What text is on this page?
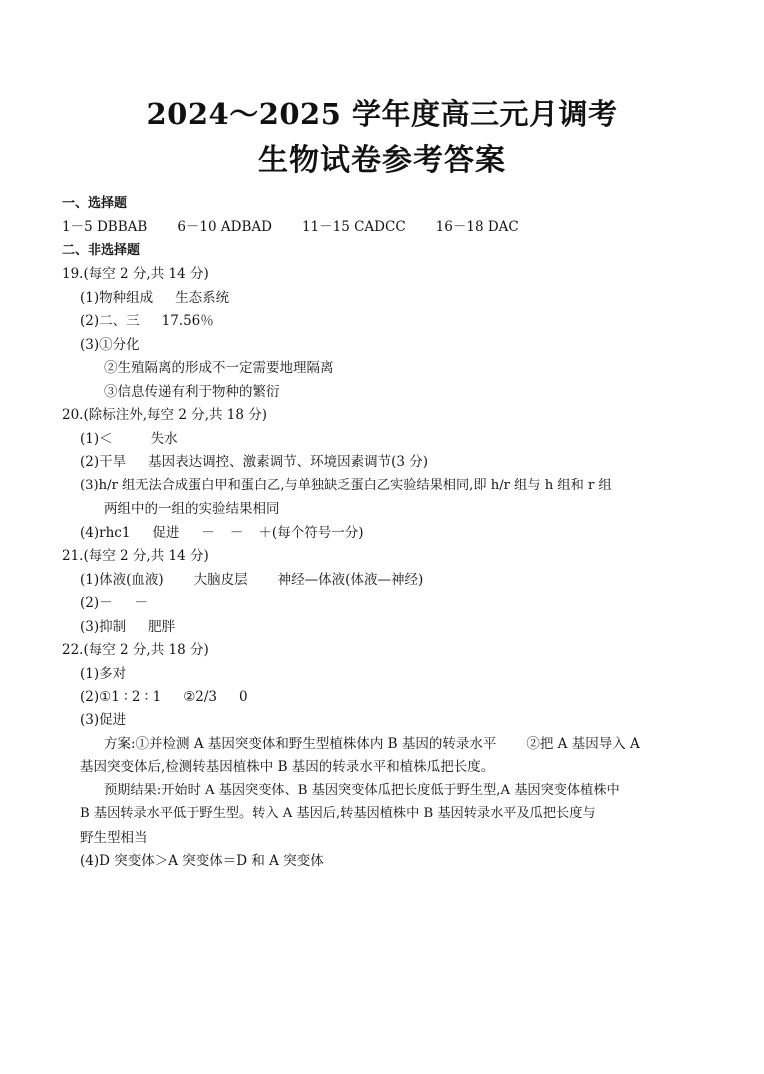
2024～2025 学年度高三元月调考
生物试卷参考答案
一、选择题
1－5 DBBAB 6－10 ADBAD 11－15 CADCC 16－18 DAC
二、非选择题
19.(每空 2 分,共 14 分)
(1)物种组成 生态系统
(2)二、三 17.56％
(3)①分化
②生殖隔离的形成不一定需要地理隔离
③信息传递有利于物种的繁衍
20.(除标注外,每空 2 分,共 18 分)
(1)＜	失水
(2)干旱 基因表达调控、激素调节、环境因素调节(3 分)
(3)h/r 组无法合成蛋白甲和蛋白乙,与单独缺乏蛋白乙实验结果相同,即 h/r 组与 h 组和 r 组
两组中的一组的实验结果相同
(4)rhc1 促进 － － ＋(每个符号一分)
21.(每空 2 分,共 14 分)
(1)体液(血液) 大脑皮层 神经—体液(体液—神经)
(2)－ －
(3)抑制 肥胖
22.(每空 2 分,共 18 分)
(1)多对
(2)①1 ∶ 2 ∶ 1 ②2/3 0
(3)促进
方案:①并检测 A 基因突变体和野生型植株体内 B 基因的转录水平 ②把 A 基因导入 A
基因突变体后,检测转基因植株中 B 基因的转录水平和植株瓜把长度。
预期结果:开始时 A 基因突变体、B 基因突变体瓜把长度低于野生型,A 基因突变体植株中
B 基因转录水平低于野生型。转入 A 基因后,转基因植株中 B 基因转录水平及瓜把长度与
野生型相当
(4)D 突变体＞A 突变体＝D 和 A 突变体
